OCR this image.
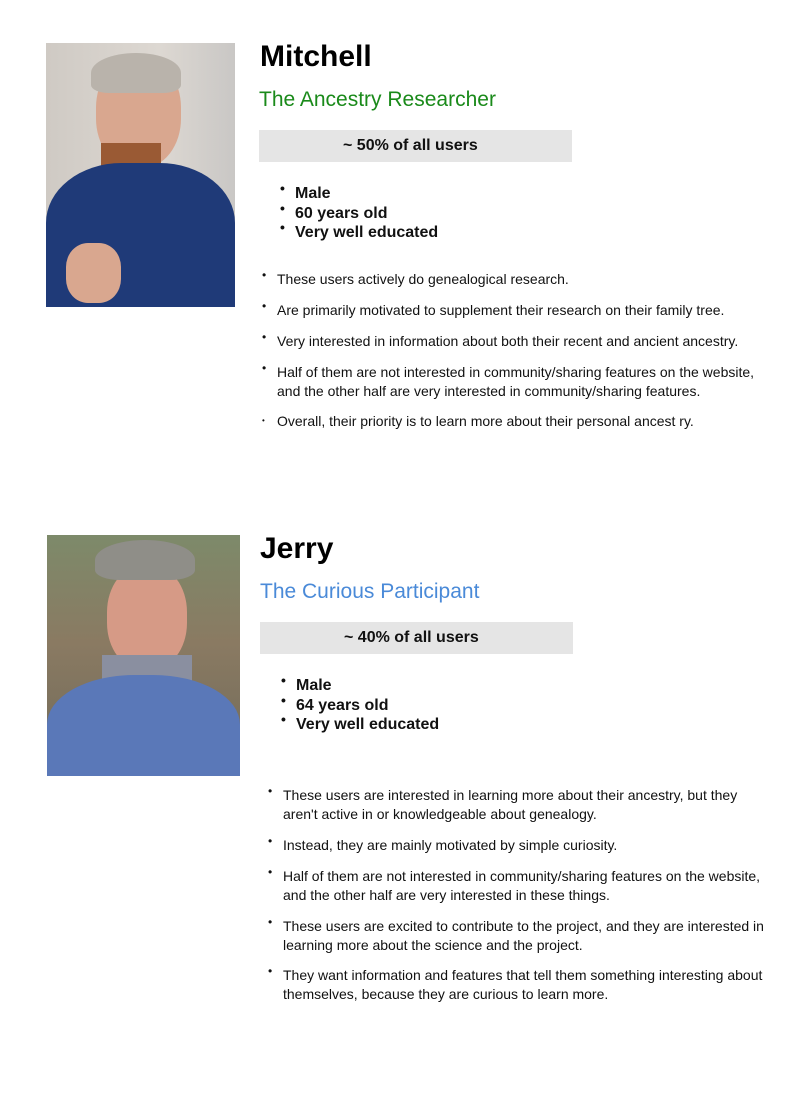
Mitchell
The Ancestry Researcher
~ 50% of all users
• Male
• 60 years old
• Very well educated
• These users actively do genealogical research.
• Are primarily motivated to supplement their research on their family tree.
• Very interested in information about both their recent and ancient ancestry.
• Half of them are not interested in community/sharing features on the website, and the other half are very interested in community/sharing features.
• Overall, their priority is to learn more about their personal ancest ry.
Jerry
The Curious Participant
~ 40% of all users
• Male
• 64 years old
• Very well educated
• These users are interested in learning more about their ancestry, but they aren't active in or knowledgeable about genealogy.
• Instead, they are mainly motivated by simple curiosity.
• Half of them are not interested in community/sharing features on the website, and the other half are very interested in these things.
• These users are excited to contribute to the project, and they are interested in learning more about the science and the project.
• They want information and features that tell them something interesting about themselves, because they are curious to learn more.
